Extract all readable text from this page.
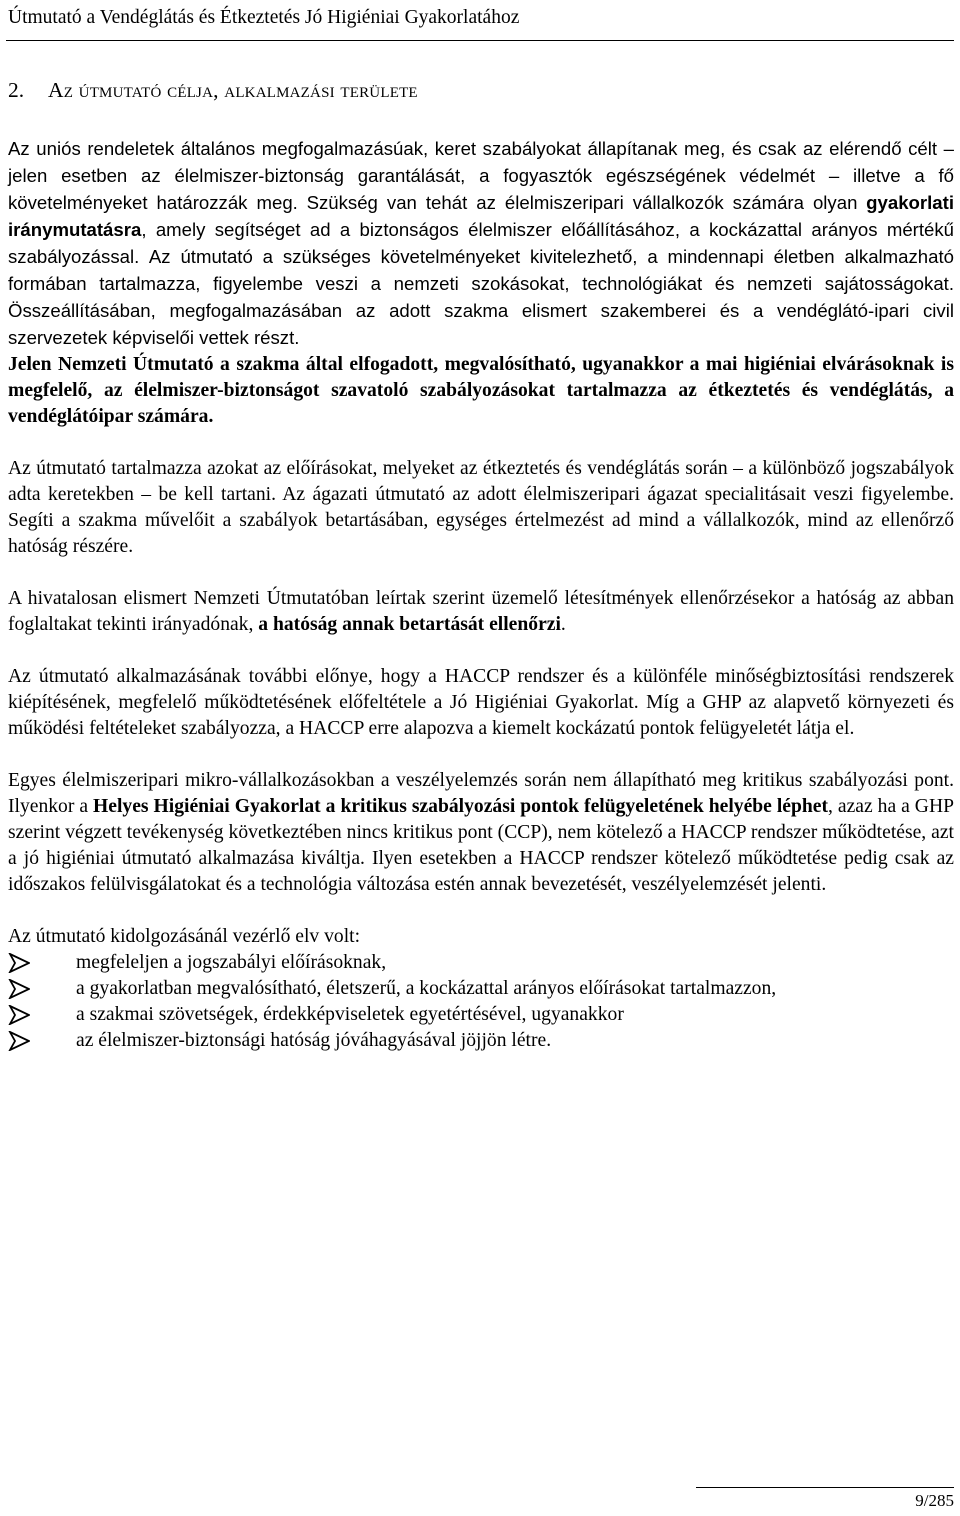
Útmutató a Vendéglátás és Étkeztetés Jó Higiéniai Gyakorlatához
2. Az útmutató célja, alkalmazási területe

Az uniós rendeletek általános megfogalmazásúak, keret szabályokat állapítanak meg, és csak az elérendő célt – jelen esetben az élelmiszer-biztonság garantálását, a fogyasztók egészségének védelmét – illetve a fő követelményeket határozzák meg. Szükség van tehát az élelmiszeripari vállalkozók számára olyan gyakorlati iránymutatásra, amely segítséget ad a biztonságos élelmiszer előállításához, a kockázattal arányos mértékű szabályozással. Az útmutató a szükséges követelményeket kivitelezhető, a mindennapi életben alkalmazható formában tartalmazza, figyelembe veszi a nemzeti szokásokat, technológiákat és nemzeti sajátosságokat. Összeállításában, megfogalmazásában az adott szakma elismert szakemberei és a vendéglátó-ipari civil szervezetek képviselői vettek részt.

Jelen Nemzeti Útmutató a szakma által elfogadott, megvalósítható, ugyanakkor a mai higiéniai elvárásoknak is megfelelő, az élelmiszer-biztonságot szavatoló szabályozásokat tartalmazza az étkeztetés és vendéglátás, a vendéglátóipar számára.

Az útmutató tartalmazza azokat az előírásokat, melyeket az étkeztetés és vendéglátás során – a különböző jogszabályok adta keretekben – be kell tartani. Az ágazati útmutató az adott élelmiszeripari ágazat specialitásait veszi figyelembe. Segíti a szakma művelőit a szabályok betartásában, egységes értelmezést ad mind a vállalkozók, mind az ellenőrző hatóság részére.

A hivatalosan elismert Nemzeti Útmutatóban leírtak szerint üzemelő létesítmények ellenőrzésekor a hatóság az abban foglaltakat tekinti irányadónak, a hatóság annak betartását ellenőrzi.

Az útmutató alkalmazásának további előnye, hogy a HACCP rendszer és a különféle minőségbiztosítási rendszerek kiépítésének, megfelelő működtetésének előfeltétele a Jó Higiéniai Gyakorlat. Míg a GHP az alapvető környezeti és működési feltételeket szabályozza, a HACCP erre alapozva a kiemelt kockázatú pontok felügyeletét látja el.

Egyes élelmiszeripari mikro-vállalkozásokban a veszélyelemzés során nem állapítható meg kritikus szabályozási pont. Ilyenkor a Helyes Higiéniai Gyakorlat a kritikus szabályozási pontok felügyeletének helyébe léphet, azaz ha a GHP szerint végzett tevékenység következtében nincs kritikus pont (CCP), nem kötelező a HACCP rendszer működtetése, azt a jó higiéniai útmutató alkalmazása kiváltja. Ilyen esetekben a HACCP rendszer kötelező működtetése pedig csak az időszakos felülvisgálatokat és a technológia változása estén annak bevezetését, veszélyelemzését jelenti.

Az útmutató kidolgozásánál vezérlő elv volt:

megfeleljen a jogszabályi előírásoknak,
a gyakorlatban megvalósítható, életszerű, a kockázattal arányos előírásokat tartalmazzon,
a szakmai szövetségek, érdekképviseletek egyetértésével, ugyanakkor
az élelmiszer-biztonsági hatóság jóváhagyásával jöjjön létre.
9/285
